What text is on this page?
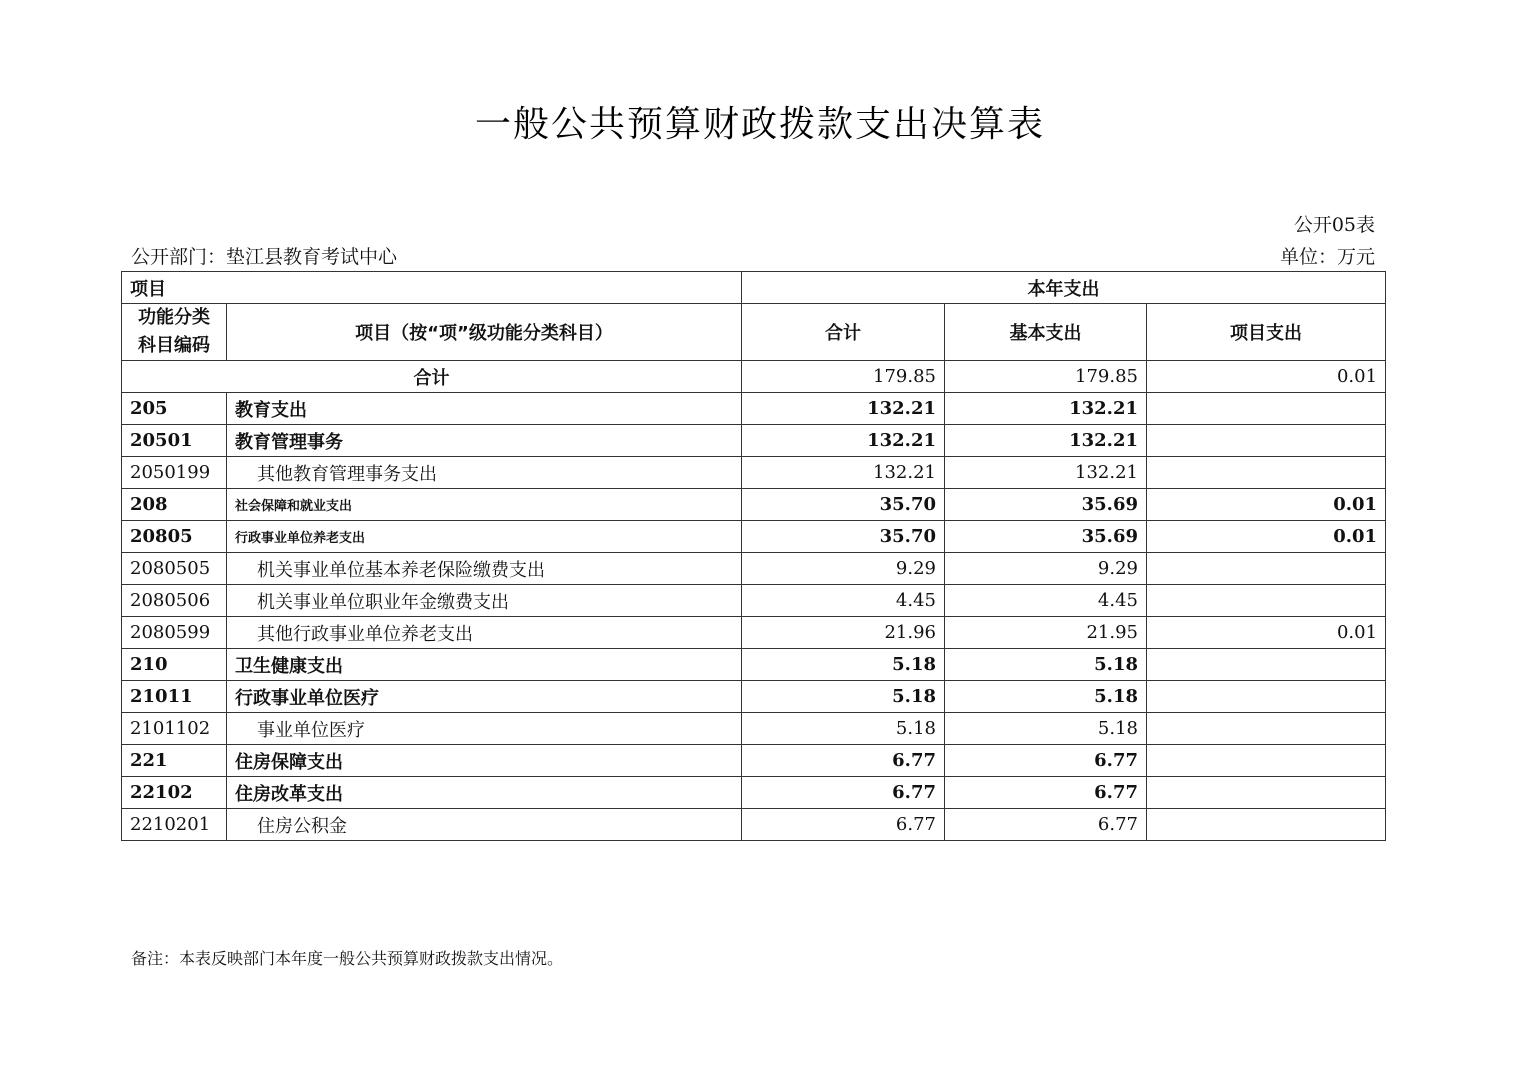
一般公共预算财政拨款支出决算表
公开05表
公开部门：垫江县教育考试中心	单位：万元
项目		本年支出		
功能分类科目编码	项目（按“项”级功能分类科目）	合计	基本支出	项目支出
合计		179.85	179.85	0.01
205	教育支出	132.21	132.21	
20501	教育管理事务	132.21	132.21	
2050199	其他教育管理事务支出	132.21	132.21	
208	社会保障和就业支出	35.70	35.69	0.01
20805	行政事业单位养老支出	35.70	35.69	0.01
2080505	机关事业单位基本养老保险缴费支出	9.29	9.29	
2080506	机关事业单位职业年金缴费支出	4.45	4.45	
2080599	其他行政事业单位养老支出	21.96	21.95	0.01
210	卫生健康支出	5.18	5.18	
21011	行政事业单位医疗	5.18	5.18	
2101102	事业单位医疗	5.18	5.18	
221	住房保障支出	6.77	6.77	
22102	住房改革支出	6.77	6.77	
2210201	住房公积金	6.77	6.77	
备注：本表反映部门本年度一般公共预算财政拨款支出情况。
